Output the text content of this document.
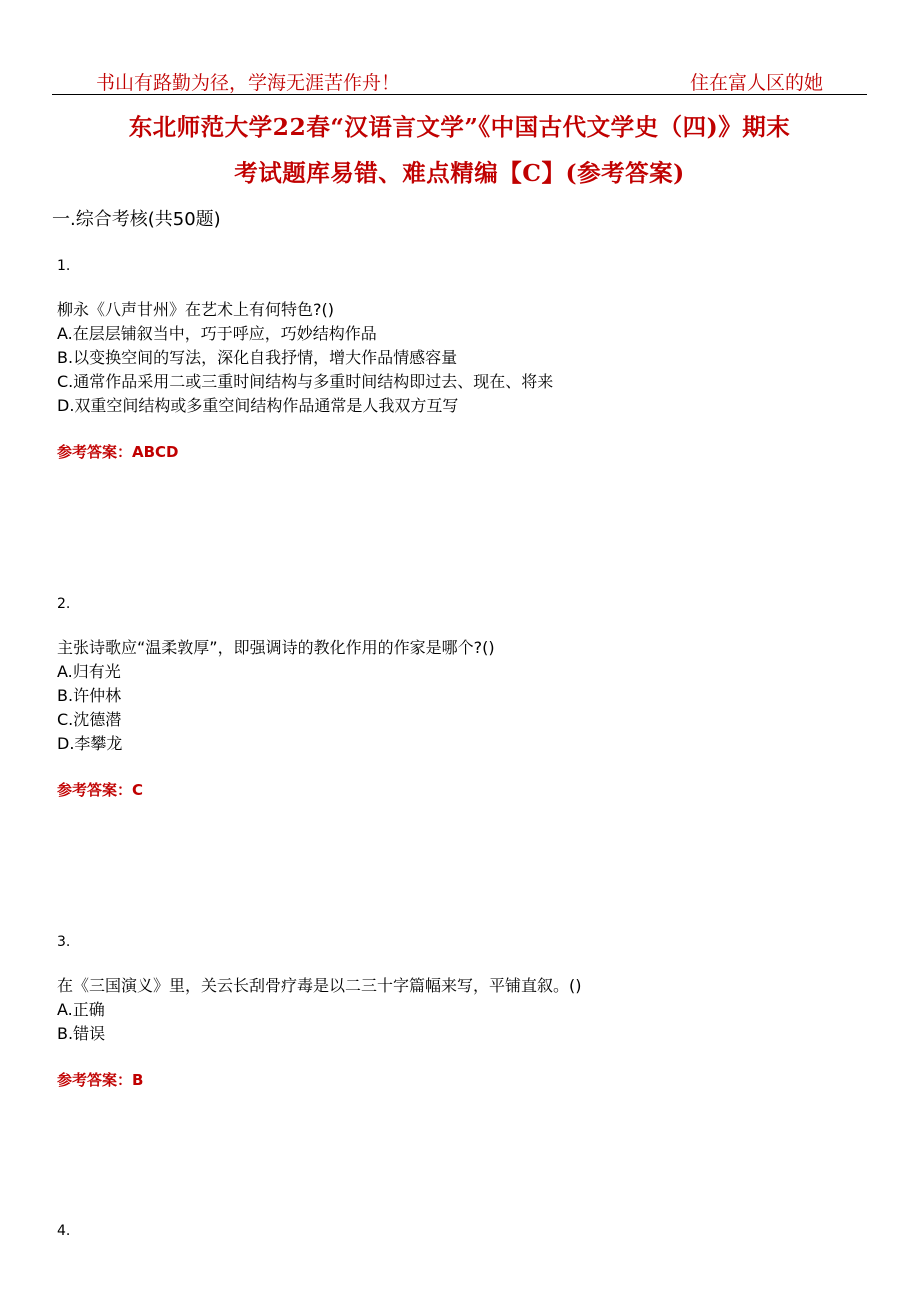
书山有路勤为径，学海无涯苦作舟！	住在富人区的她
东北师范大学22春“汉语言文学”《中国古代文学史（四)》期末
考试题库易错、难点精编【C】(参考答案)
一.综合考核(共50题)
1.
柳永《八声甘州》在艺术上有何特色?()
A.在层层铺叙当中，巧于呼应，巧妙结构作品
B.以变换空间的写法，深化自我抒情，增大作品情感容量
C.通常作品采用二或三重时间结构与多重时间结构即过去、现在、将来
D.双重空间结构或多重空间结构作品通常是人我双方互写
参考答案：ABCD
2.
主张诗歌应“温柔敦厚”，即强调诗的教化作用的作家是哪个?()
A.归有光
B.许仲林
C.沈德潜
D.李攀龙
参考答案：C
3.
在《三国演义》里，关云长刮骨疗毒是以二三十字篇幅来写，平铺直叙。()
A.正确
B.错误
参考答案：B
4.
